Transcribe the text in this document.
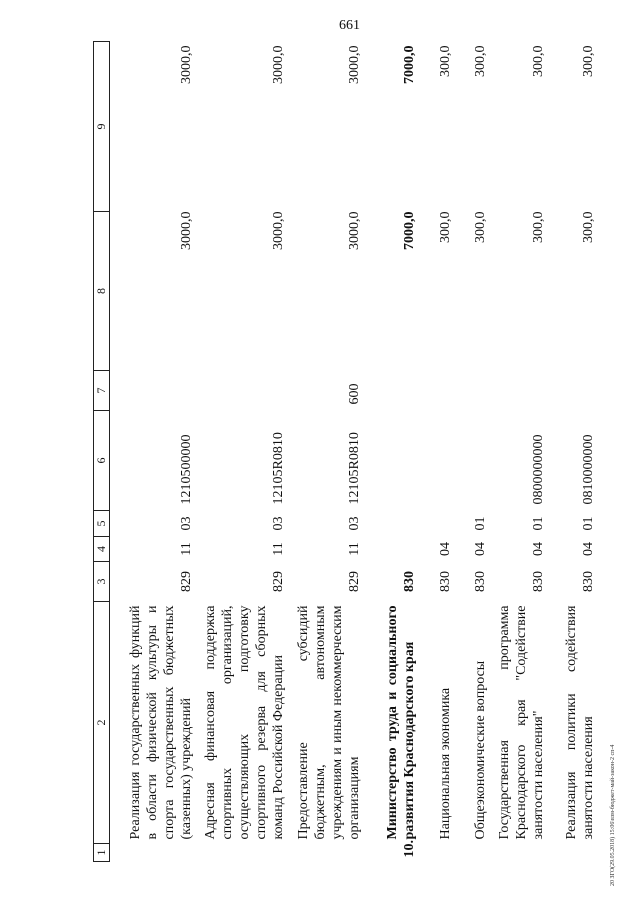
661
1	2	3	4	5	6	7	8	9
	Реализация государственных функций в области физической культуры и спорта государственных бюджетных (казенных) учреждений	829	11	03	1210500000		3000,0	3000,0
	Адресная финансовая поддержка спортивных организаций, осуществляющих подготовку спортивного резерва для сборных команд Российской Федерации	829	11	03	12105R0810		3000,0	3000,0
	Предоставление субсидий бюджетным, автономным учреждениям и иным некоммерческим организациям	829	11	03	12105R0810	600	3000,0	3000,0
10.	Министерство труда и социального развития Краснодарского края	830					7000,0	7000,0
	Национальная экономика	830	04				300,0	300,0
	Общеэкономические вопросы	830	04	01			300,0	300,0
	Государственная программа Краснодарского края "Содействие занятости населения"	830	04	01	0800000000		300,0	300,0
	Реализация политики содействия занятости населения	830	04	01	0810000000		300,0	300,0
20 ЗГО(29.05.2018) 15:06\взм-бюджет-май-закон-2 сп-4
